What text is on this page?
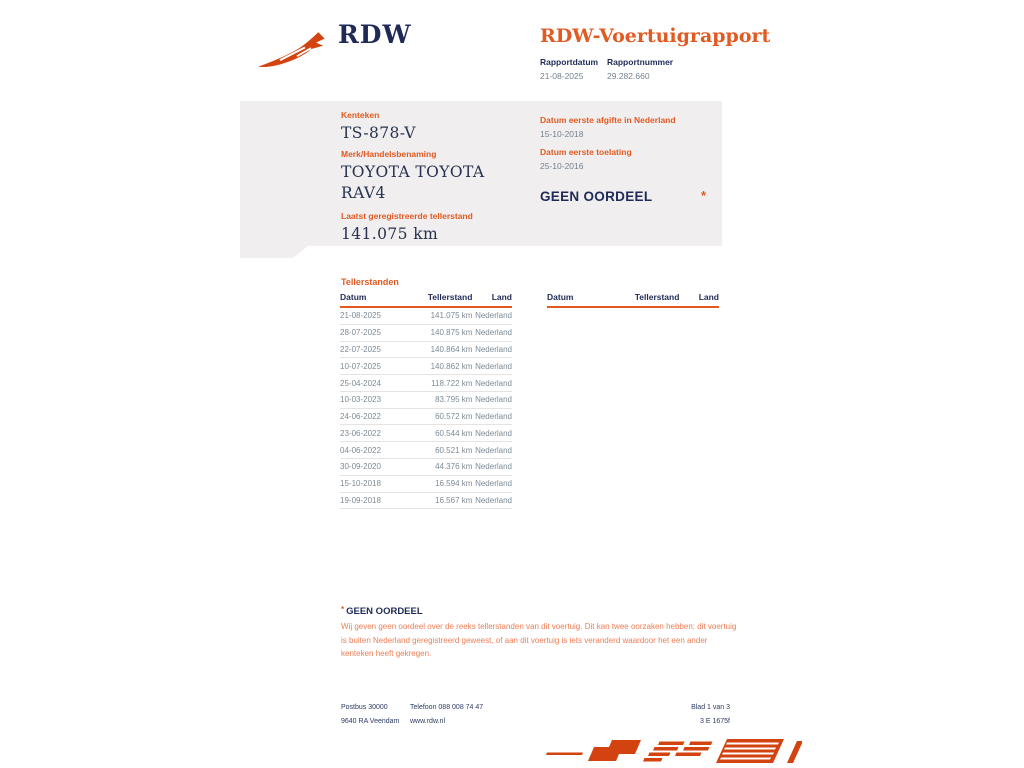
RDW	RDW-Voertuigrapport
Rapportdatum
21-08-2025
Rapportnummer
29.282.660
Kenteken
TS-878-V
Merk/Handelsbenaming
TOYOTA TOYOTA
RAV4
Laatst geregistreerde tellerstand
141.075 km
Datum eerste afgifte in Nederland
15-10-2018
Datum eerste toelating
25-10-2016
GEEN OORDEEL	*
Tellerstanden
Datum	Tellerstand	Land
21-08-2025	141.075 km	Nederland
28-07-2025	140.875 km	Nederland
22-07-2025	140.864 km	Nederland
10-07-2025	140.862 km	Nederland
25-04-2024	118.722 km	Nederland
10-03-2023	83.795 km	Nederland
24-06-2022	60.572 km	Nederland
23-06-2022	60.544 km	Nederland
04-06-2022	60.521 km	Nederland
30-09-2020	44.376 km	Nederland
15-10-2018	16.594 km	Nederland
19-09-2018	16.567 km	Nederland
Datum	Tellerstand	Land
* GEEN OORDEEL
Wij geven geen oordeel over de reeks tellerstanden van dit voertuig. Dit kan twee oorzaken hebben: dit voertuig is buiten Nederland geregistreerd geweest, of aan dit voertuig is iets veranderd waardoor het een ander kenteken heeft gekregen.
Postbus 30000
9640 RA Veendam
Telefoon 088 008 74 47
www.rdw.nl
Blad 1 van 3
3 E 1675f
